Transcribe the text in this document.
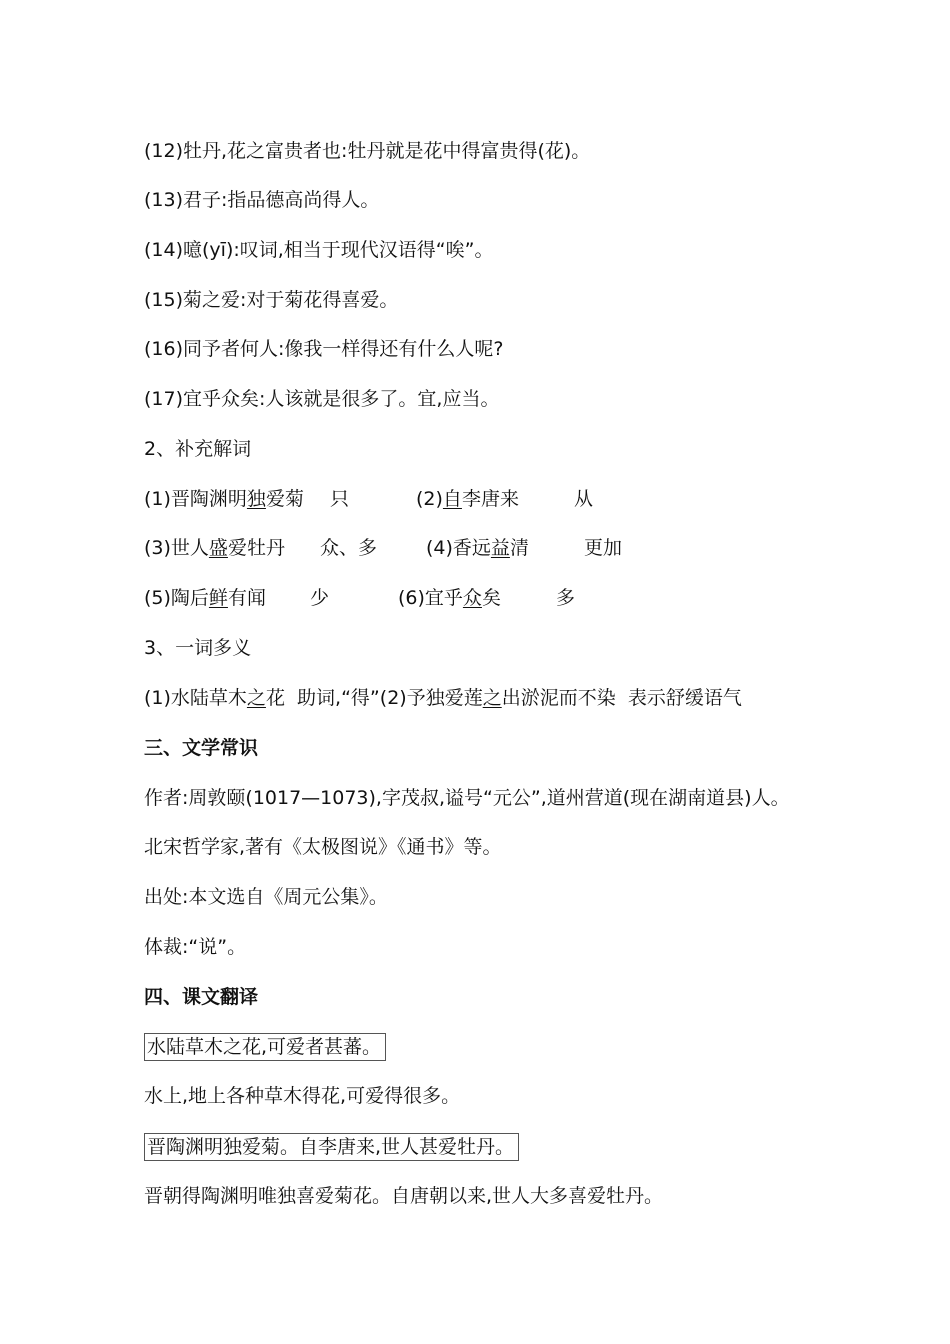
(12)牡丹,花之富贵者也:牡丹就是花中得富贵得(花)。
(13)君子:指品德高尚得人。
(14)噫(yī):叹词,相当于现代汉语得“唉”。
(15)菊之爱:对于菊花得喜爱。
(16)同予者何人:像我一样得还有什么人呢?
(17)宜乎众矣:人该就是很多了。宜,应当。
2、补充解词
(1)晋陶渊明独爱菊 只	(2)自李唐来	从
(3)世人盛爱牡丹 众、多	(4)香远益清	更加
(5)陶后鲜有闻 少	(6)宜乎众矣	多
3、一词多义
(1)水陆草木之花 助词,“得”(2)予独爱莲之出淤泥而不染 表示舒缓语气
三、文学常识
作者:周敦颐(1017—1073),字茂叔,谥号“元公”,道州营道(现在湖南道县)人。
北宋哲学家,著有《太极图说》《通书》等。
出处:本文选自《周元公集》。
体裁:“说”。
四、课文翻译
水陆草木之花,可爱者甚蕃。
水上,地上各种草木得花,可爱得很多。
晋陶渊明独爱菊。自李唐来,世人甚爱牡丹。
晋朝得陶渊明唯独喜爱菊花。自唐朝以来,世人大多喜爱牡丹。
